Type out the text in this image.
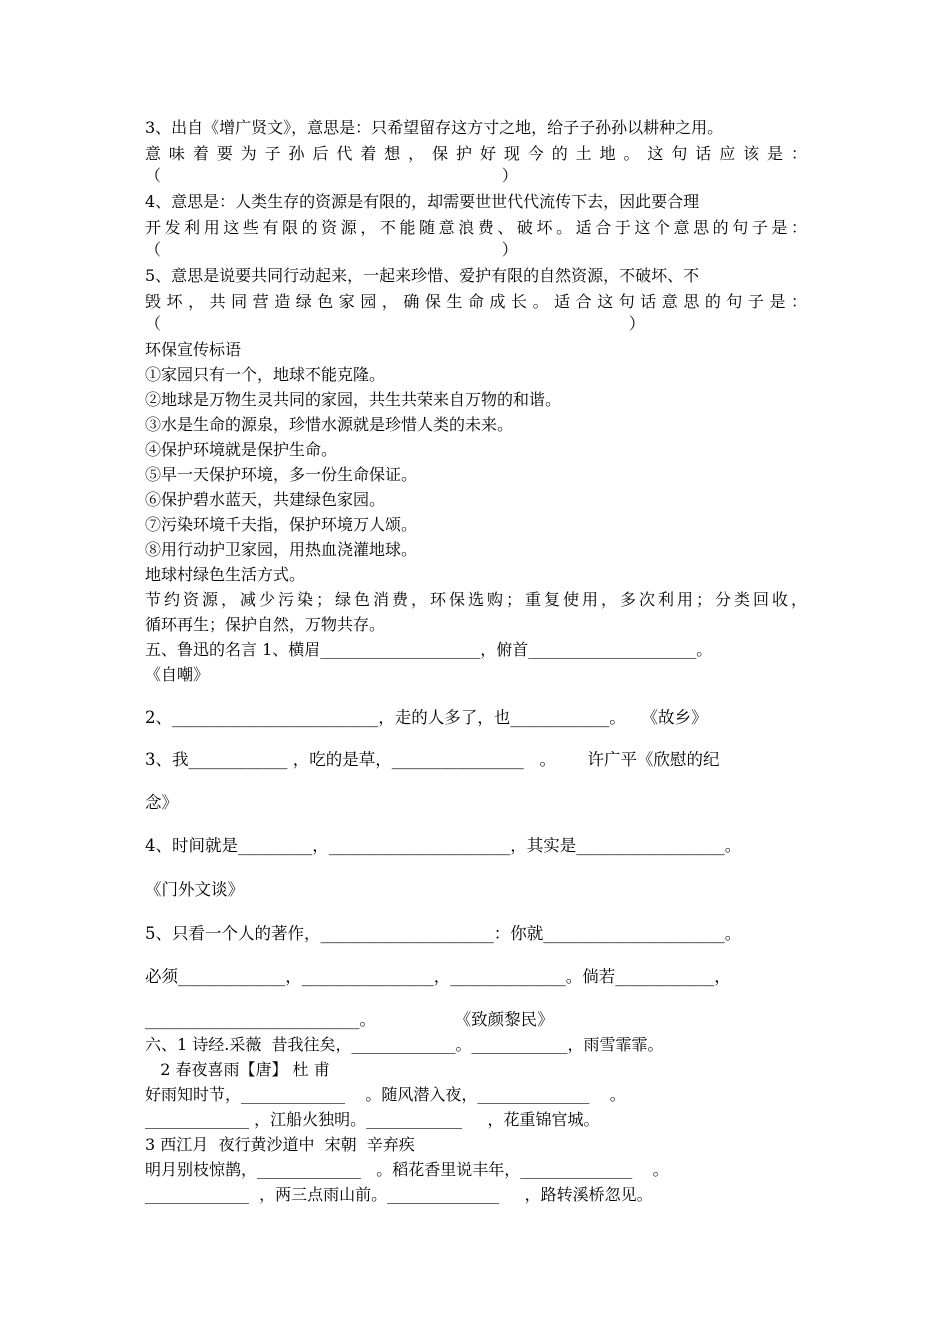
3、出自《增广贤文》，意思是：只希望留存这方寸之地，给子子孙孙以耕种之用。

意味着要为子孙后代着想，保护好现今的土地。这句话应该是：

（                                                                   ）

4、意思是：人类生存的资源是有限的，却需要世世代代流传下去，因此要合理

开发利用这些有限的资源，不能随意浪费、破坏。适合于这个意思的句子是：

（                                                                   ）

5、意思是说要共同行动起来，一起来珍惜、爱护有限的自然资源，不破坏、不

毁坏，共同营造绿色家园，确保生命成长。适合这句话意思的句子是：

（                                                                                            ）

环保宣传标语

①家园只有一个，地球不能克隆。

②地球是万物生灵共同的家园，共生共荣来自万物的和谐。

③水是生命的源泉，珍惜水源就是珍惜人类的未来。

④保护环境就是保护生命。

⑤早一天保护环境，多一份生命保证。

⑥保护碧水蓝天，共建绿色家园。

⑦污染环境千夫指，保护环境万人颂。

⑧用行动护卫家园，用热血浇灌地球。

地球村绿色生活方式。

节约资源，减少污染；绿色消费，环保选购；重复使用，多次利用；分类回收，

循环再生；保护自然，万物共存。

五、鲁迅的名言 1、横眉____________________，俯首_____________________。

《自嘲》

2、_________________________，走的人多了，也____________。   《故乡》

3、我____________ ，吃的是草，________________   。      许广平《欣慰的纪

念》

4、时间就是_________，______________________，其实是__________________。

《门外文谈》

5、只看一个人的著作，_____________________：你就______________________。

必须_____________，________________，______________。倘若____________，

__________________________。               《致颜黎民》

六、1 诗经.采薇  昔我往矣，_____________。____________，雨雪霏霏。

2 春夜喜雨【唐】 杜 甫

好雨知时节，_____________    。随风潜入夜，______________    。

_____________ ，江船火独明。____________     ，花重锦官城。

3 西江月  夜行黄沙道中  宋朝  辛弃疾

明月别枝惊鹊，_____________   。稻花香里说丰年，______________    。

_____________  ，两三点雨山前。______________     ，路转溪桥忽见。
